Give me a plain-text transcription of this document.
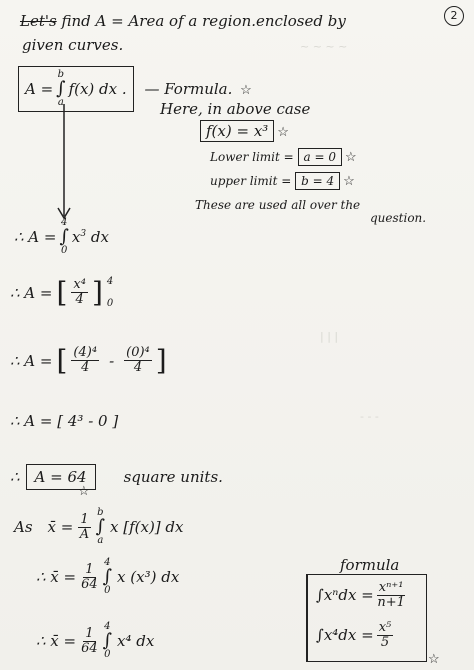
~ ~ ~ ~
| | |
- - -
2
Let's find A = Area of a region.enclosed by
given curves.
A =
b
∫
a
f(x) dx . — Formula. ☆
Here, in above case
f(x) = x³ ☆
Lower limit = a = 0 ☆
upper limit = b = 4 ☆
These are used all over the
question.
∴ A =
4
∫
0
$x^3$ dx
∴ A = [ $\frac{\text{x⁴}}{4}$ ] 4
0
∴ A = [ $\frac{\text{(4)⁴}}{4} - \frac{\text{(0)⁴}}{4}$ ]
∴ A = [ 4³ - 0 ]
∴	A = 64	square units.
☆
As x̄ = $\frac{1}{A}$
b
∫
a
x [f(x)] dx
∴ x̄ = $\frac{1}{64}$
4
∫
0
x (x³) dx
∴ x̄ = $\frac{1}{64}$
4
∫
0
x⁴ dx
formula
$\int x^ndx = \frac{\text{xⁿ⁺¹}}{n+1}$
$\int x^4dx = \frac{\text{x⁵}}{5}$
☆
